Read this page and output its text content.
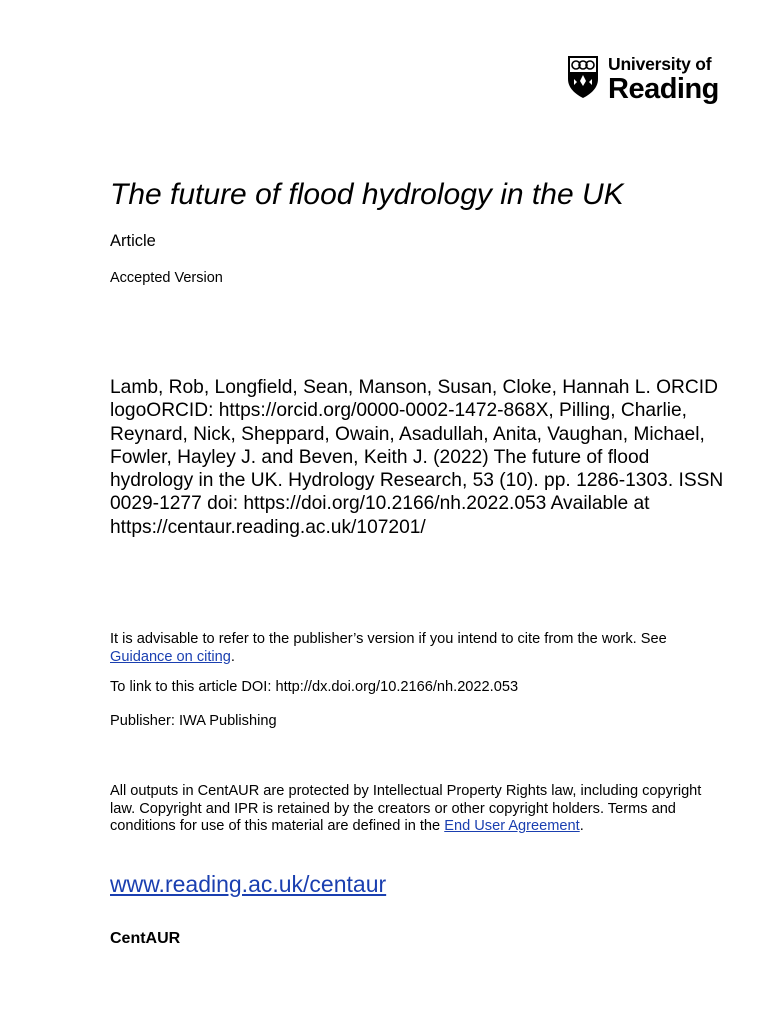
University of
Reading
The future of flood hydrology in the UK
Article
Accepted Version

Lamb, Rob, Longfield, Sean, Manson, Susan, Cloke, Hannah L. ORCID logoORCID: https://orcid.org/0000-0002-1472-868X, Pilling, Charlie, Reynard, Nick, Sheppard, Owain, Asadullah, Anita, Vaughan, Michael, Fowler, Hayley J. and Beven, Keith J. (2022) The future of flood hydrology in the UK. Hydrology Research, 53 (10). pp. 1286-1303. ISSN 0029-1277 doi: https://doi.org/10.2166/nh.2022.053 Available at https://centaur.reading.ac.uk/107201/

It is advisable to refer to the publisher’s version if you intend to cite from the work. See Guidance on citing.

To link to this article DOI: http://dx.doi.org/10.2166/nh.2022.053

Publisher: IWA Publishing

All outputs in CentAUR are protected by Intellectual Property Rights law, including copyright law. Copyright and IPR is retained by the creators or other copyright holders. Terms and conditions for use of this material are defined in the End User Agreement.

www.reading.ac.uk/centaur
CentAUR
